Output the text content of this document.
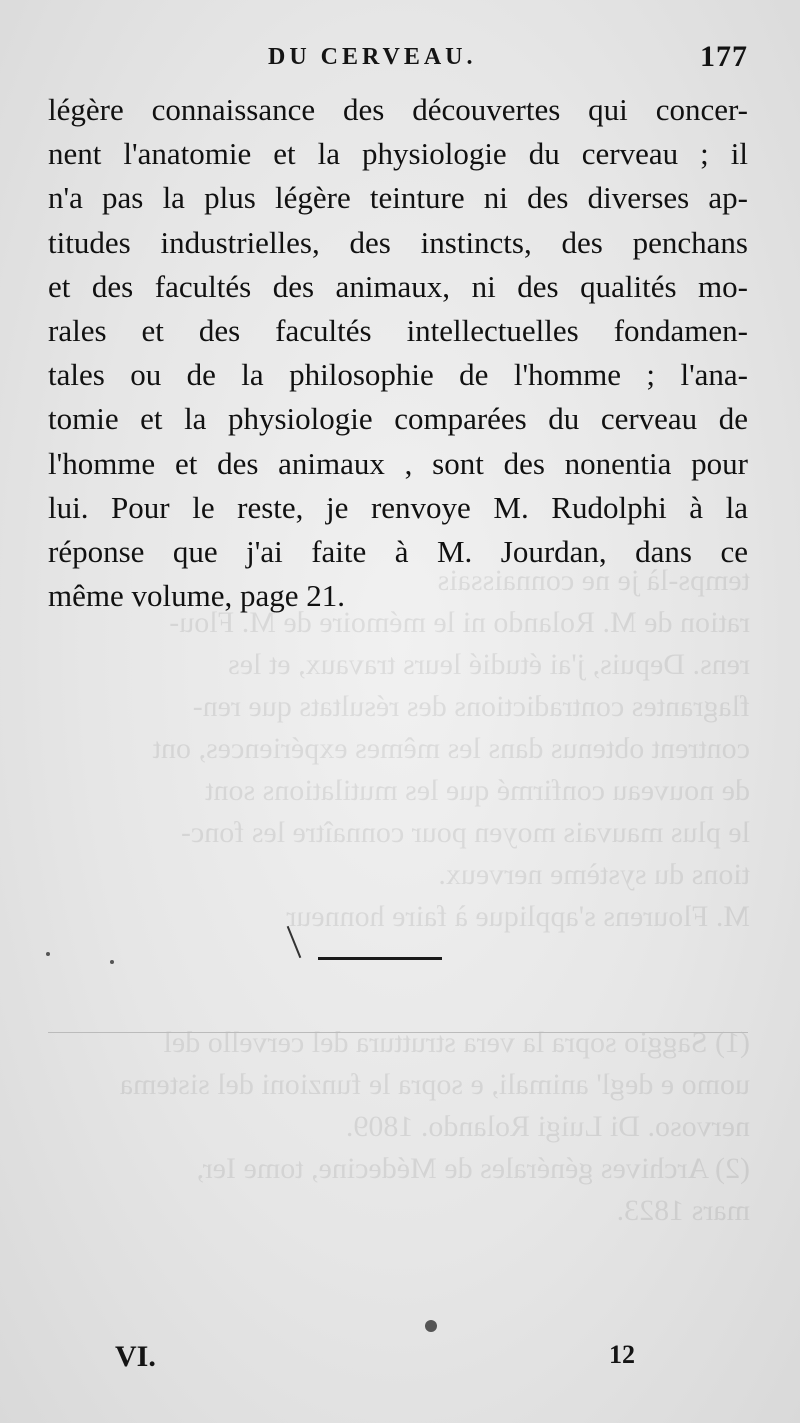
temps-là je ne connaissais
ration de M. Rolando ni le mémoire de M. Flou-
rens. Depuis, j'ai étudié leurs travaux, et les
flagrantes contradictions des résultats que ren-
contrent obtenus dans les mêmes expériences, ont
de nouveau confirmé que les mutilations sont
le plus mauvais moyen pour connaître les fonc-
tions du système nerveux.
M. Flourens s'applique à faire honneur

(1) Saggio sopra la vera struttura del cervello del
uomo e degl' animali, e sopra le funzioni del sistema
nervoso. Di Luigi Rolando. 1809.
(2) Archives générales de Médecine, tome Ier,
mars 1823.
DU CERVEAU.	177
légère connaissance des découvertes qui concer-
nent l'anatomie et la physiologie du cerveau ; il
n'a pas la plus légère teinture ni des diverses ap-
titudes industrielles, des instincts, des penchans
et des facultés des animaux, ni des qualités mo-
rales et des facultés intellectuelles fondamen-
tales ou de la philosophie de l'homme ; l'ana-
tomie et la physiologie comparées du cerveau de
l'homme et des animaux , sont des nonentia pour
lui. Pour le reste, je renvoye M. Rudolphi à la
réponse que j'ai faite à M. Jourdan, dans ce
même volume, page 21.
VI.	12
